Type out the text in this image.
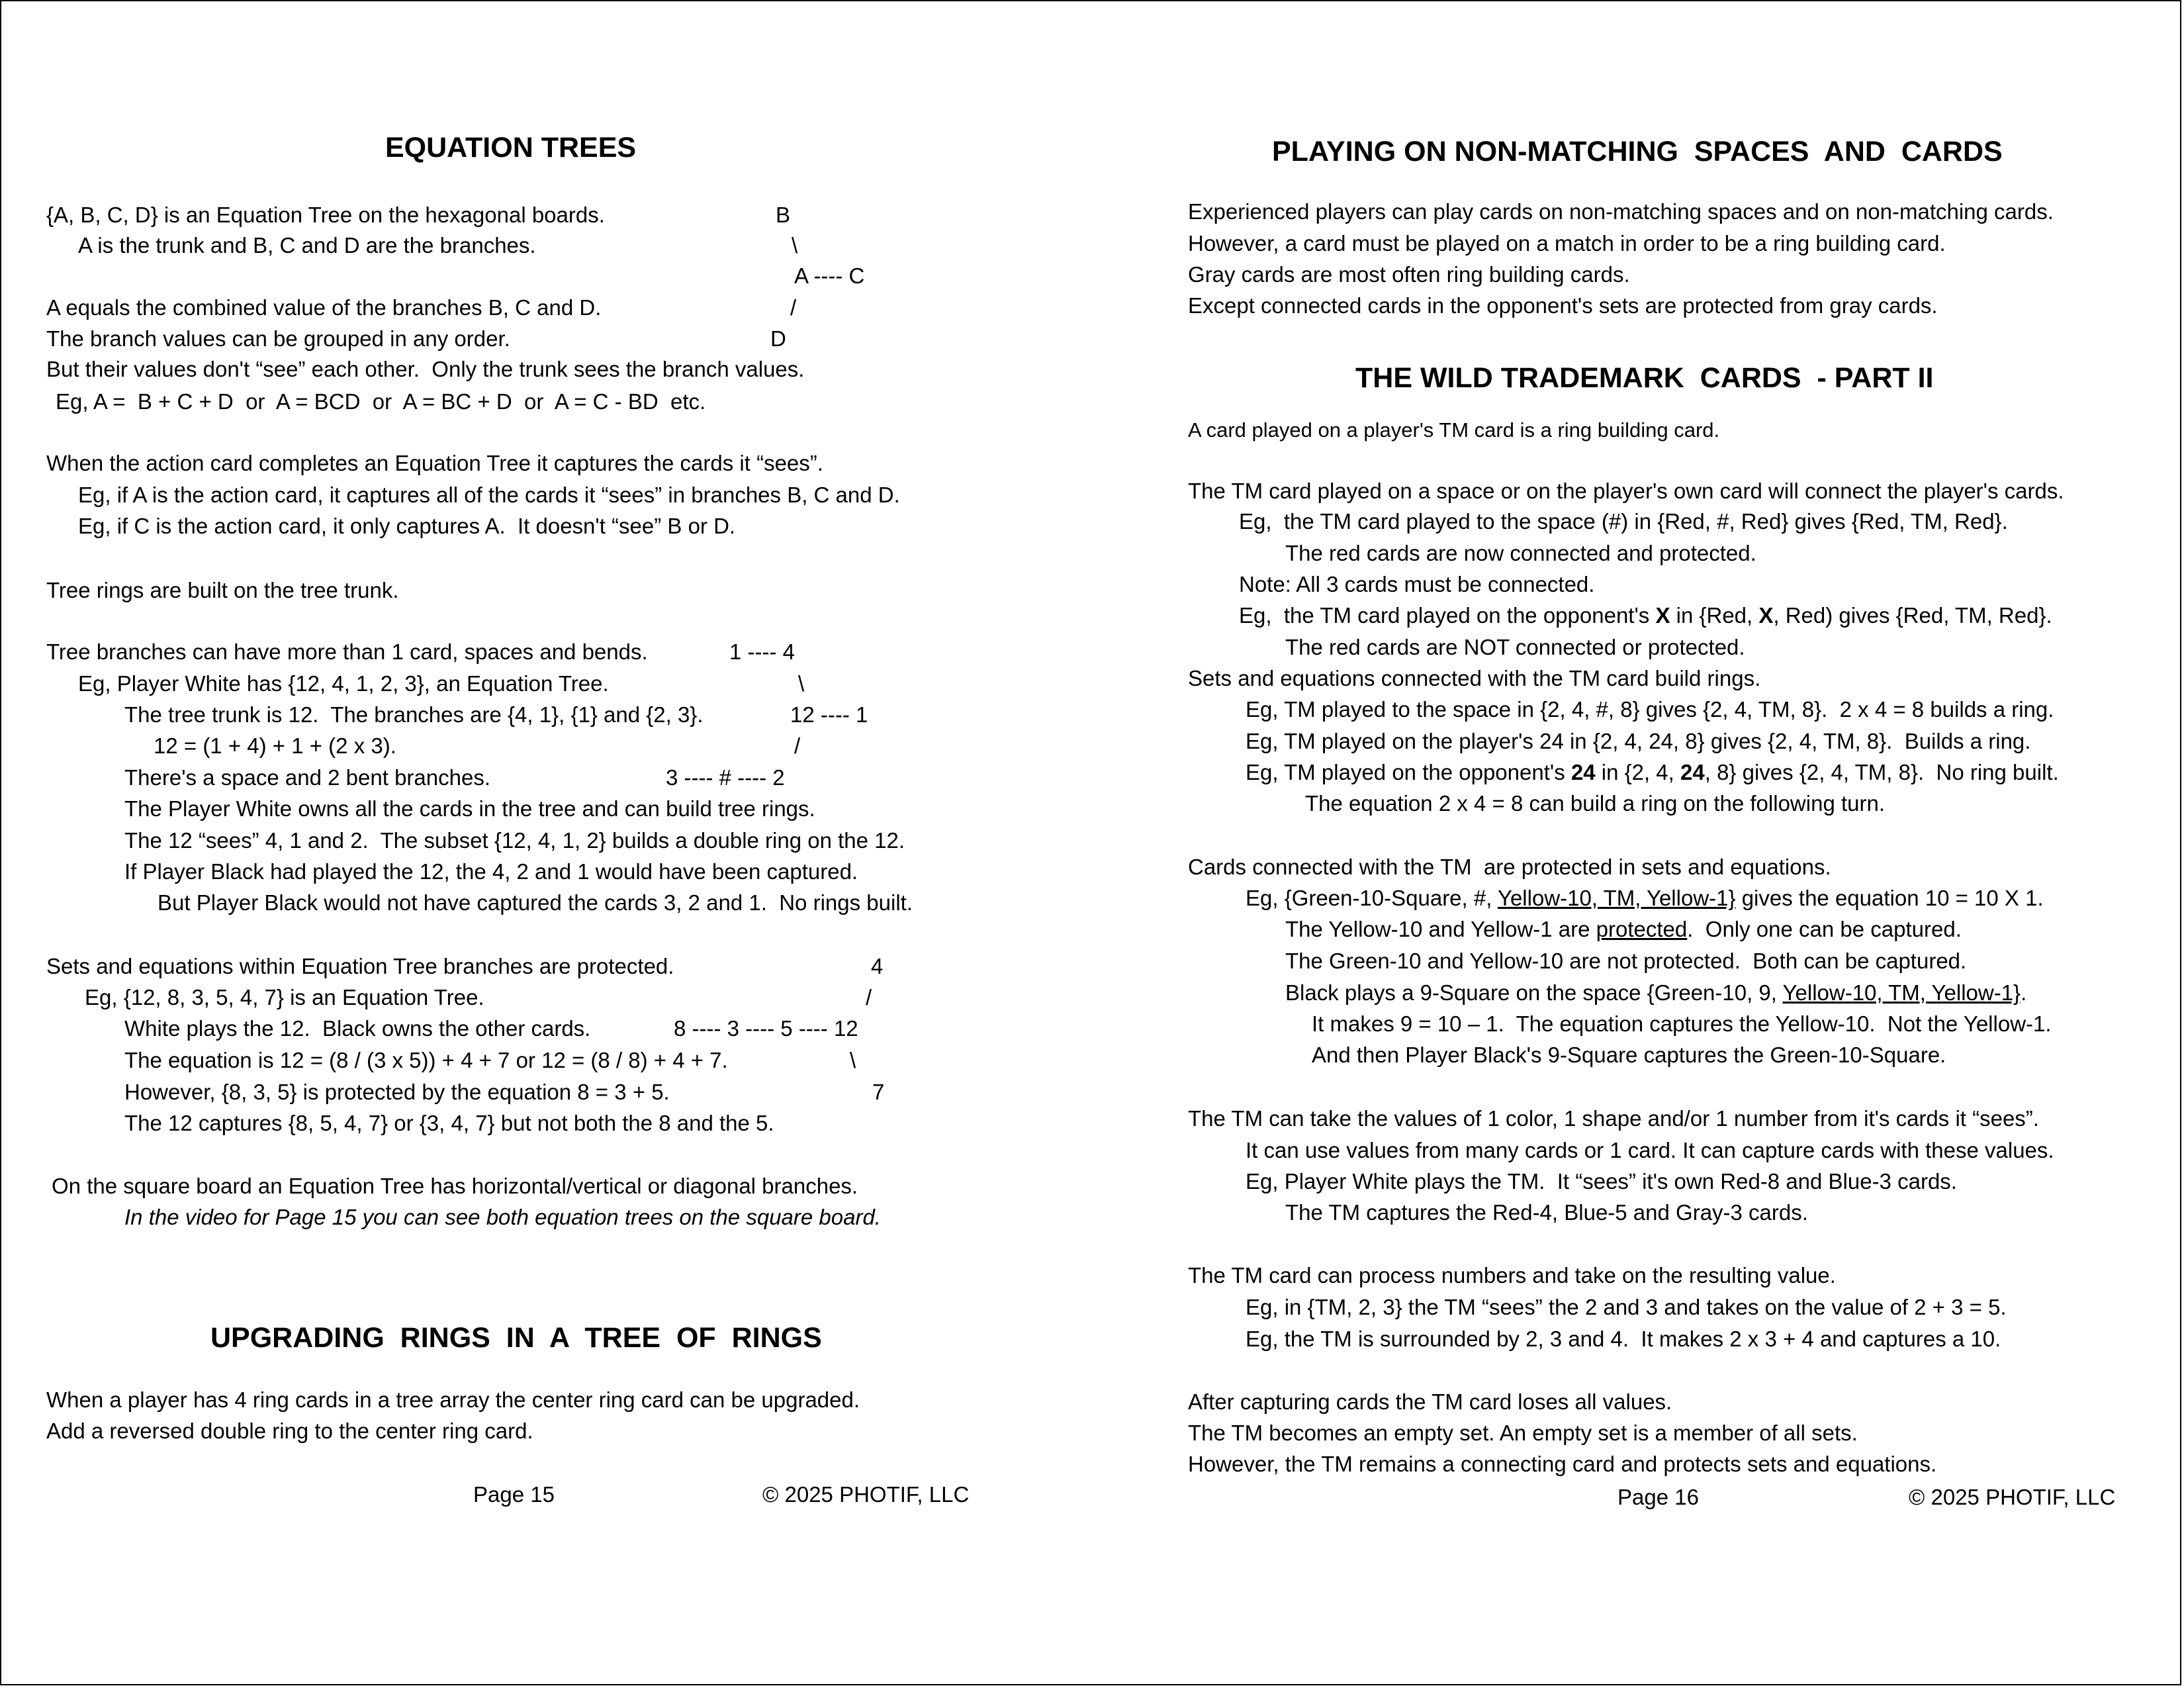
EQUATION TREES
{A, B, C, D} is an Equation Tree on the hexagonal boards.
A is the trunk and B, C and D are the branches.
A equals the combined value of the branches B, C and D.
The branch values can be grouped in any order.
But their values don't “see” each other.  Only the trunk sees the branch values.
Eg, A =  B + C + D  or  A = BCD  or  A = BC + D  or  A = C - BD  etc.
B
\
A ---- C
/
D
When the action card completes an Equation Tree it captures the cards it “sees”.
Eg, if A is the action card, it captures all of the cards it “sees” in branches B, C and D.
Eg, if C is the action card, it only captures A.  It doesn't “see” B or D.
Tree rings are built on the tree trunk.
Tree branches can have more than 1 card, spaces and bends.
Eg, Player White has {12, 4, 1, 2, 3}, an Equation Tree.
The tree trunk is 12.  The branches are {4, 1}, {1} and {2, 3}.
12 = (1 + 4) + 1 + (2 x 3).
There's a space and 2 bent branches.
The Player White owns all the cards in the tree and can build tree rings.
The 12 “sees” 4, 1 and 2.  The subset {12, 4, 1, 2} builds a double ring on the 12.
If Player Black had played the 12, the 4, 2 and 1 would have been captured.
But Player Black would not have captured the cards 3, 2 and 1.  No rings built.
1 ---- 4
\
12 ---- 1
/
3 ---- # ---- 2
Sets and equations within Equation Tree branches are protected.
Eg, {12, 8, 3, 5, 4, 7} is an Equation Tree.
White plays the 12.  Black owns the other cards.
The equation is 12 = (8 / (3 x 5)) + 4 + 7 or 12 = (8 / 8) + 4 + 7.
However, {8, 3, 5} is protected by the equation 8 = 3 + 5.
The 12 captures {8, 5, 4, 7} or {3, 4, 7} but not both the 8 and the 5.
4
/
8 ---- 3 ---- 5 ---- 12
\
7
On the square board an Equation Tree has horizontal/vertical or diagonal branches.
In the video for Page 15 you can see both equation trees on the square board.
UPGRADING  RINGS  IN  A  TREE  OF  RINGS
When a player has 4 ring cards in a tree array the center ring card can be upgraded.
Add a reversed double ring to the center ring card.
Page 15	© 2025 PHOTIF, LLC
PLAYING ON NON-MATCHING  SPACES  AND  CARDS
Experienced players can play cards on non-matching spaces and on non-matching cards.
However, a card must be played on a match in order to be a ring building card.
Gray cards are most often ring building cards.
Except connected cards in the opponent's sets are protected from gray cards.
THE WILD TRADEMARK  CARDS  - PART II
A card played on a player's TM card is a ring building card.
The TM card played on a space or on the player's own card will connect the player's cards.
Eg,  the TM card played to the space (#) in {Red, #, Red} gives {Red, TM, Red}.
The red cards are now connected and protected.
Note: All 3 cards must be connected.
Eg,  the TM card played on the opponent's X in {Red, X, Red) gives {Red, TM, Red}.
The red cards are NOT connected or protected.
Sets and equations connected with the TM card build rings.
Eg, TM played to the space in {2, 4, #, 8} gives {2, 4, TM, 8}.  2 x 4 = 8 builds a ring.
Eg, TM played on the player's 24 in {2, 4, 24, 8} gives {2, 4, TM, 8}.  Builds a ring.
Eg, TM played on the opponent's 24 in {2, 4, 24, 8} gives {2, 4, TM, 8}.  No ring built.
The equation 2 x 4 = 8 can build a ring on the following turn.
Cards connected with the TM  are protected in sets and equations.
Eg, {Green-10-Square, #, Yellow-10, TM, Yellow-1} gives the equation 10 = 10 X 1.
The Yellow-10 and Yellow-1 are protected.  Only one can be captured.
The Green-10 and Yellow-10 are not protected.  Both can be captured.
Black plays a 9-Square on the space {Green-10, 9, Yellow-10, TM, Yellow-1}.
It makes 9 = 10 – 1.  The equation captures the Yellow-10.  Not the Yellow-1.
And then Player Black's 9-Square captures the Green-10-Square.
The TM can take the values of 1 color, 1 shape and/or 1 number from it's cards it “sees”.
It can use values from many cards or 1 card. It can capture cards with these values.
Eg, Player White plays the TM.  It “sees” it's own Red-8 and Blue-3 cards.
The TM captures the Red-4, Blue-5 and Gray-3 cards.
The TM card can process numbers and take on the resulting value.
Eg, in {TM, 2, 3} the TM “sees” the 2 and 3 and takes on the value of 2 + 3 = 5.
Eg, the TM is surrounded by 2, 3 and 4.  It makes 2 x 3 + 4 and captures a 10.
After capturing cards the TM card loses all values.
The TM becomes an empty set. An empty set is a member of all sets.
However, the TM remains a connecting card and protects sets and equations.
Page 16	© 2025 PHOTIF, LLC
